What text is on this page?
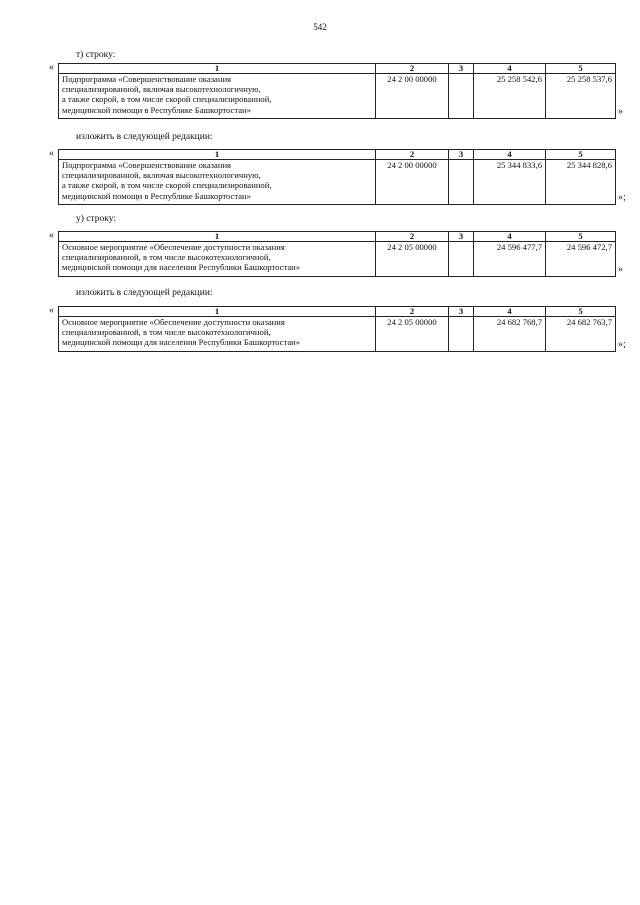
542
т) строку:
«	1	2	3	4	5
Подпрограмма «Совершенствование оказания
специализированной, включая высокотехнологичную,
а также скорой, в том числе скорой специализированной,
медицинской помощи в Республике Башкортостан»	24 2 00 00000		25 258 542,6	25 258 537,6
»
изложить в следующей редакции:
«	1	2	3	4	5
Подпрограмма «Совершенствование оказания
специализированной, включая высокотехнологичную,
а также скорой, в том числе скорой специализированной,
медицинской помощи в Республике Башкортостан»	24 2 00 00000		25 344 833,6	25 344 828,6
»;
у) строку:
«	1	2	3	4	5
Основное мероприятие «Обеспечение доступности оказания
специализированной, в том числе высокотехнологичной,
медицинской помощи для населения Республики Башкортостан»	24 2 05 00000		24 596 477,7	24 596 472,7
»
изложить в следующей редакции:
«	1	2	3	4	5
Основное мероприятие «Обеспечение доступности оказания
специализированной, в том числе высокотехнологичной,
медицинской помощи для населения Республики Башкортостан»	24 2 05 00000		24 682 768,7	24 682 763,7
»;
